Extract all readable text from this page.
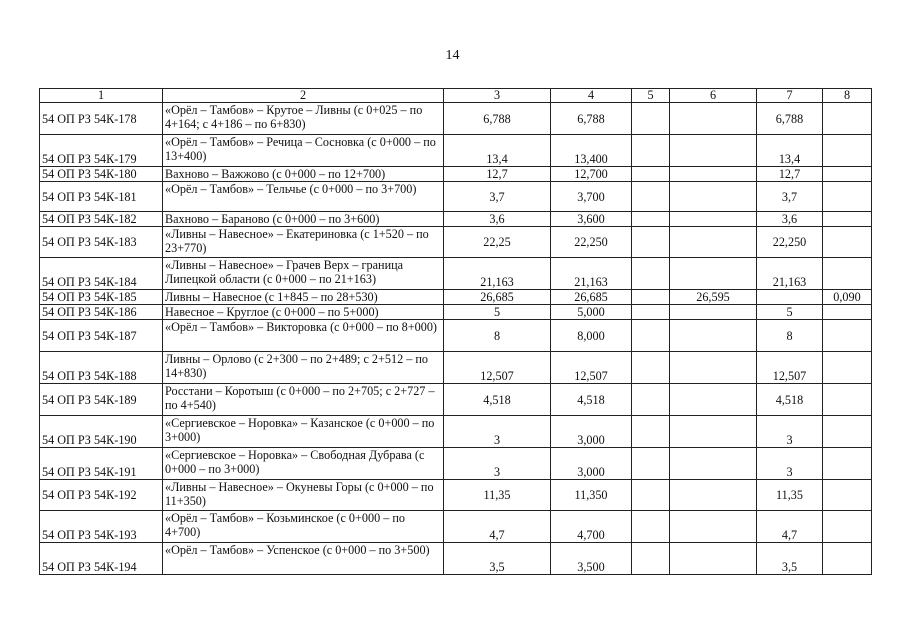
14
1	2	3	4	5	6	7	8
54 ОП РЗ 54К-178	«Орёл – Тамбов» – Крутое – Ливны (с 0+025 – по 4+164; с 4+186 – по 6+830)	6,788	6,788			6,788	
54 ОП РЗ 54К-179	«Орёл – Тамбов» – Речица – Сосновка (с 0+000 – по 13+400)	13,4	13,400			13,4	
54 ОП РЗ 54К-180	Вахново – Важжово (с 0+000 – по 12+700)	12,7	12,700			12,7	
54 ОП РЗ 54К-181	«Орёл – Тамбов» – Тельчье (с 0+000 – по 3+700)	3,7	3,700			3,7	
54 ОП РЗ 54К-182	Вахново – Бараново (с 0+000 – по 3+600)	3,6	3,600			3,6	
54 ОП РЗ 54К-183	«Ливны – Навесное» – Екатериновка (с 1+520 – по 23+770)	22,25	22,250			22,250	
54 ОП РЗ 54К-184	«Ливны – Навесное» – Грачев Верх – граница Липецкой области (с 0+000 – по 21+163)	21,163	21,163			21,163	
54 ОП РЗ 54К-185	Ливны – Навесное (с 1+845 – по 28+530)	26,685	26,685		26,595		0,090
54 ОП РЗ 54К-186	Навесное – Круглое (с 0+000 – по 5+000)	5	5,000			5	
54 ОП РЗ 54К-187	«Орёл – Тамбов» – Викторовка (с 0+000 – по 8+000)	8	8,000			8	
54 ОП РЗ 54К-188	Ливны – Орлово (с 2+300 – по 2+489; с 2+512 – по 14+830)	12,507	12,507			12,507	
54 ОП РЗ 54К-189	Росстани – Коротыш (с 0+000 – по 2+705; с 2+727 – по 4+540)	4,518	4,518			4,518	
54 ОП РЗ 54К-190	«Сергиевское – Норовка» – Казанское (с 0+000 – по 3+000)	3	3,000			3	
54 ОП РЗ 54К-191	«Сергиевское – Норовка» – Свободная Дубрава (с 0+000 – по 3+000)	3	3,000			3	
54 ОП РЗ 54К-192	«Ливны – Навесное» – Окуневы Горы (с 0+000 – по 11+350)	11,35	11,350			11,35	
54 ОП РЗ 54К-193	«Орёл – Тамбов» – Козьминское (с 0+000 – по 4+700)	4,7	4,700			4,7	
54 ОП РЗ 54К-194	«Орёл – Тамбов» – Успенское (с 0+000 – по 3+500)	3,5	3,500			3,5	
